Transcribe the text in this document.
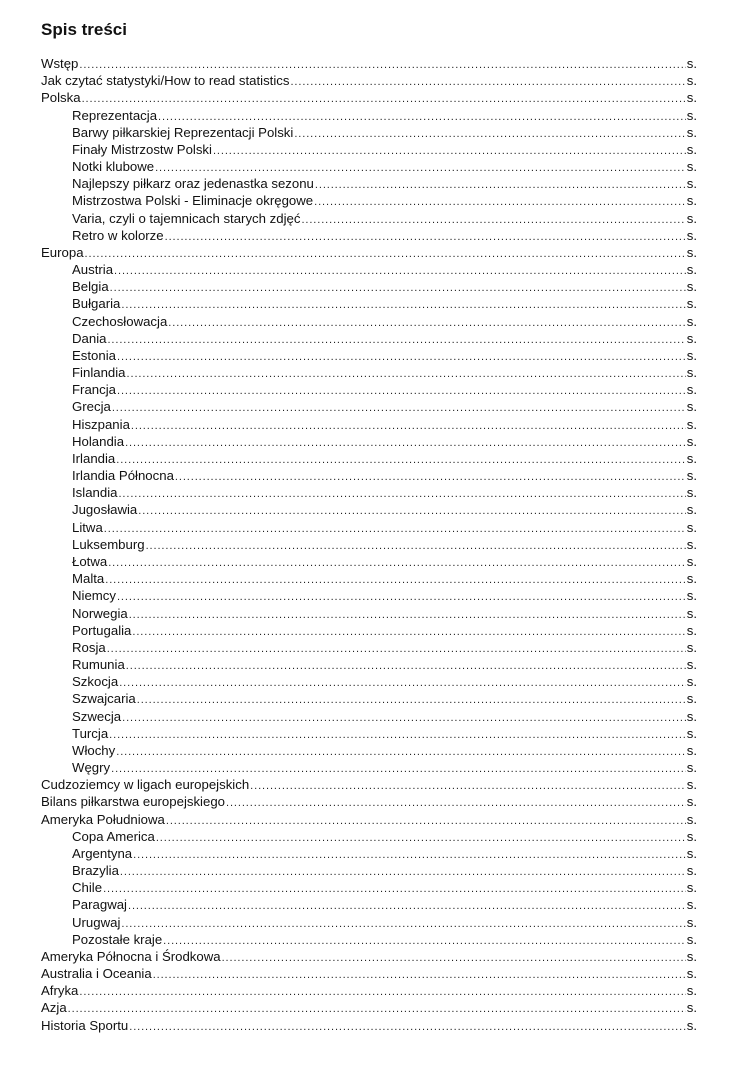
Spis treści
Wstęp .....	s.
Jak czytać statystyki/How to read statistics .....	s.
Polska .....	s.
Reprezentacja .....	s.
Barwy piłkarskiej Reprezentacji Polski .....	s.
Finały Mistrzostw Polski .....	s.
Notki klubowe .....	s.
Najlepszy piłkarz oraz jedenastka sezonu .....	s.
Mistrzostwa Polski - Eliminacje okręgowe .....	s.
Varia, czyli o tajemnicach starych zdjęć .....	s.
Retro w kolorze .....	s.
Europa .....	s.
Austria .....	s.
Belgia .....	s.
Bułgaria .....	s.
Czechosłowacja .....	s.
Dania .....	s.
Estonia .....	s.
Finlandia .....	s.
Francja .....	s.
Grecja .....	s.
Hiszpania .....	s.
Holandia .....	s.
Irlandia .....	s.
Irlandia Północna .....	s.
Islandia .....	s.
Jugosławia .....	s.
Litwa .....	s.
Luksemburg .....	s.
Łotwa .....	s.
Malta .....	s.
Niemcy .....	s.
Norwegia .....	s.
Portugalia .....	s.
Rosja .....	s.
Rumunia .....	s.
Szkocja .....	s.
Szwajcaria .....	s.
Szwecja .....	s.
Turcja .....	s.
Włochy .....	s.
Węgry .....	s.
Cudzoziemcy w ligach europejskich .....	s.
Bilans piłkarstwa europejskiego .....	s.
Ameryka Południowa .....	s.
Copa America .....	s.
Argentyna .....	s.
Brazylia .....	s.
Chile .....	s.
Paragwaj .....	s.
Urugwaj .....	s.
Pozostałe kraje .....	s.
Ameryka Północna i Środkowa .....	s.
Australia i Oceania .....	s.
Afryka .....	s.
Azja .....	s.
Historia Sportu .....	s.
